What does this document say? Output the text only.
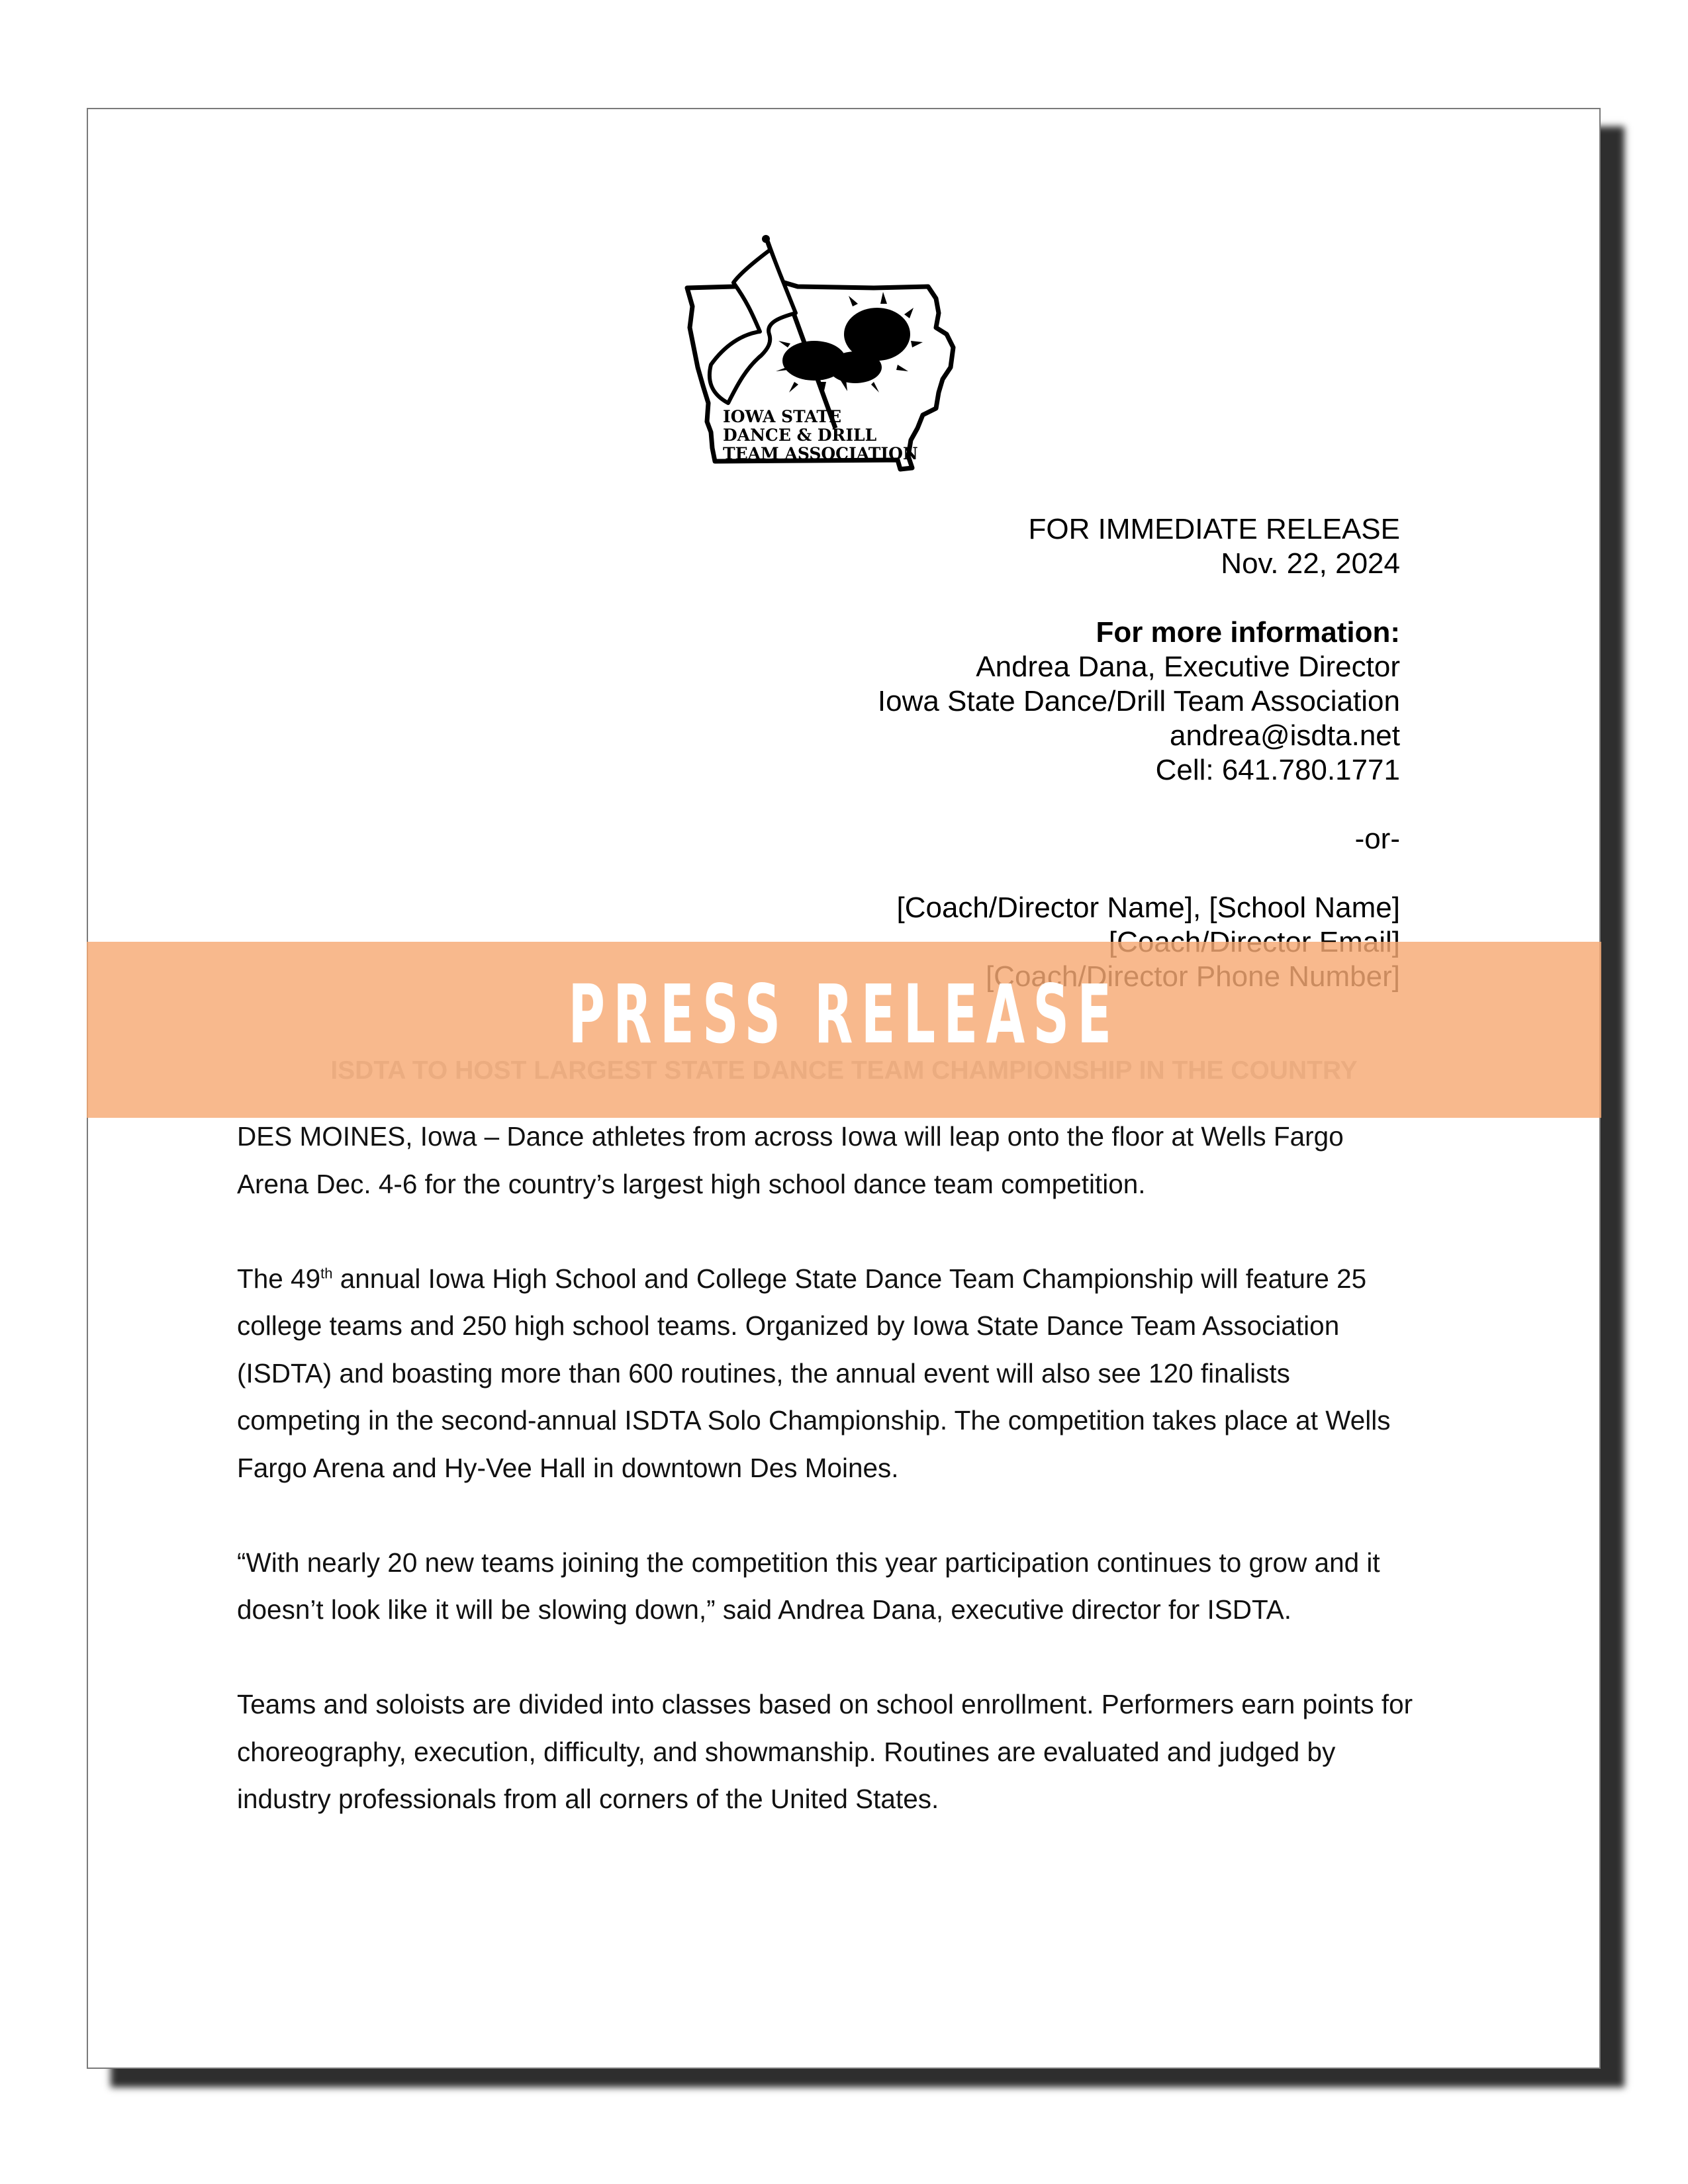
IOWA STATE
DANCE & DRILL
TEAM ASSOCIATION
FOR IMMEDIATE RELEASE
Nov. 22, 2024
For more information:
Andrea Dana, Executive Director
Iowa State Dance/Drill Team Association
andrea@isdta.net
Cell: 641.780.1771
-or-
[Coach/Director Name], [School Name]
PRESS RELEASE

DES MOINES, Iowa – Dance athletes from across Iowa will leap onto the floor at Wells Fargo Arena Dec. 4-6 for the country’s largest high school dance team competition.

The 49th annual Iowa High School and College State Dance Team Championship will feature 25 college teams and 250 high school teams. Organized by Iowa State Dance Team Association (ISDTA) and boasting more than 600 routines, the annual event will also see 120 finalists competing in the second-annual ISDTA Solo Championship. The competition takes place at Wells Fargo Arena and Hy-Vee Hall in downtown Des Moines.

“With nearly 20 new teams joining the competition this year participation continues to grow and it doesn’t look like it will be slowing down,” said Andrea Dana, executive director for ISDTA.

Teams and soloists are divided into classes based on school enrollment. Performers earn points for choreography, execution, difficulty, and showmanship. Routines are evaluated and judged by industry professionals from all corners of the United States.
